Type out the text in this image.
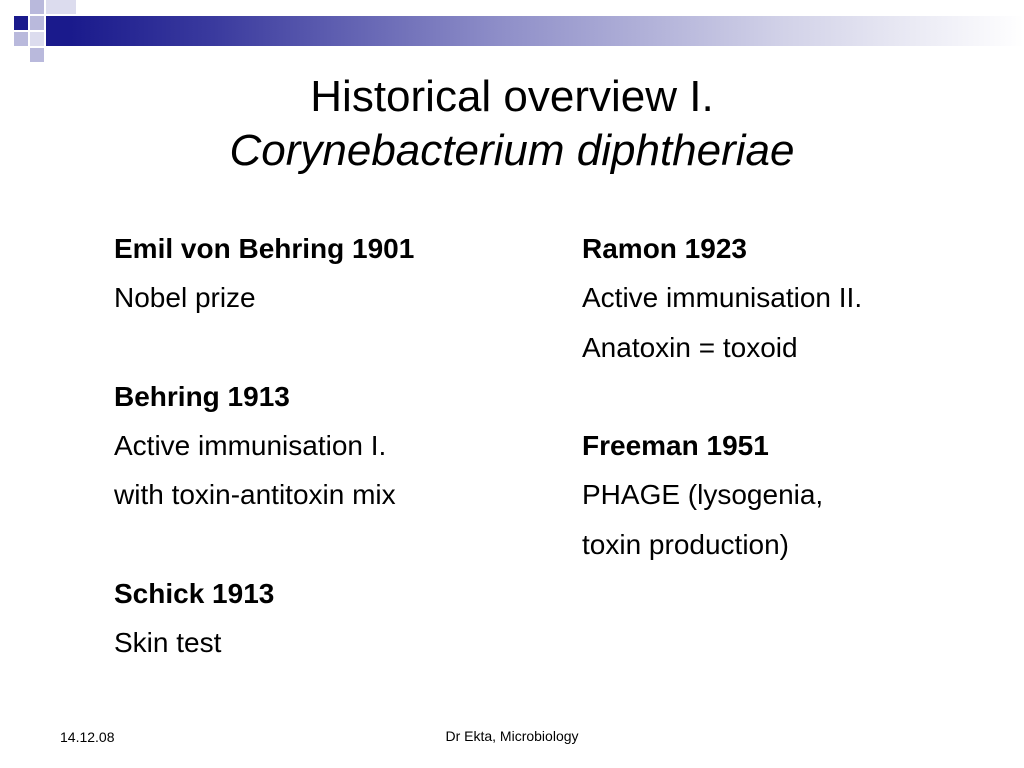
Historical overview I.
Corynebacterium diphtheriae
Emil von Behring 1901
Nobel prize
Behring 1913
Active immunisation I.
with toxin-antitoxin mix
Schick 1913
Skin test
Ramon 1923
Active immunisation II.
Anatoxin = toxoid
Freeman 1951
PHAGE (lysogenia,
toxin production)
14.12.08	Dr Ekta, Microbiology
